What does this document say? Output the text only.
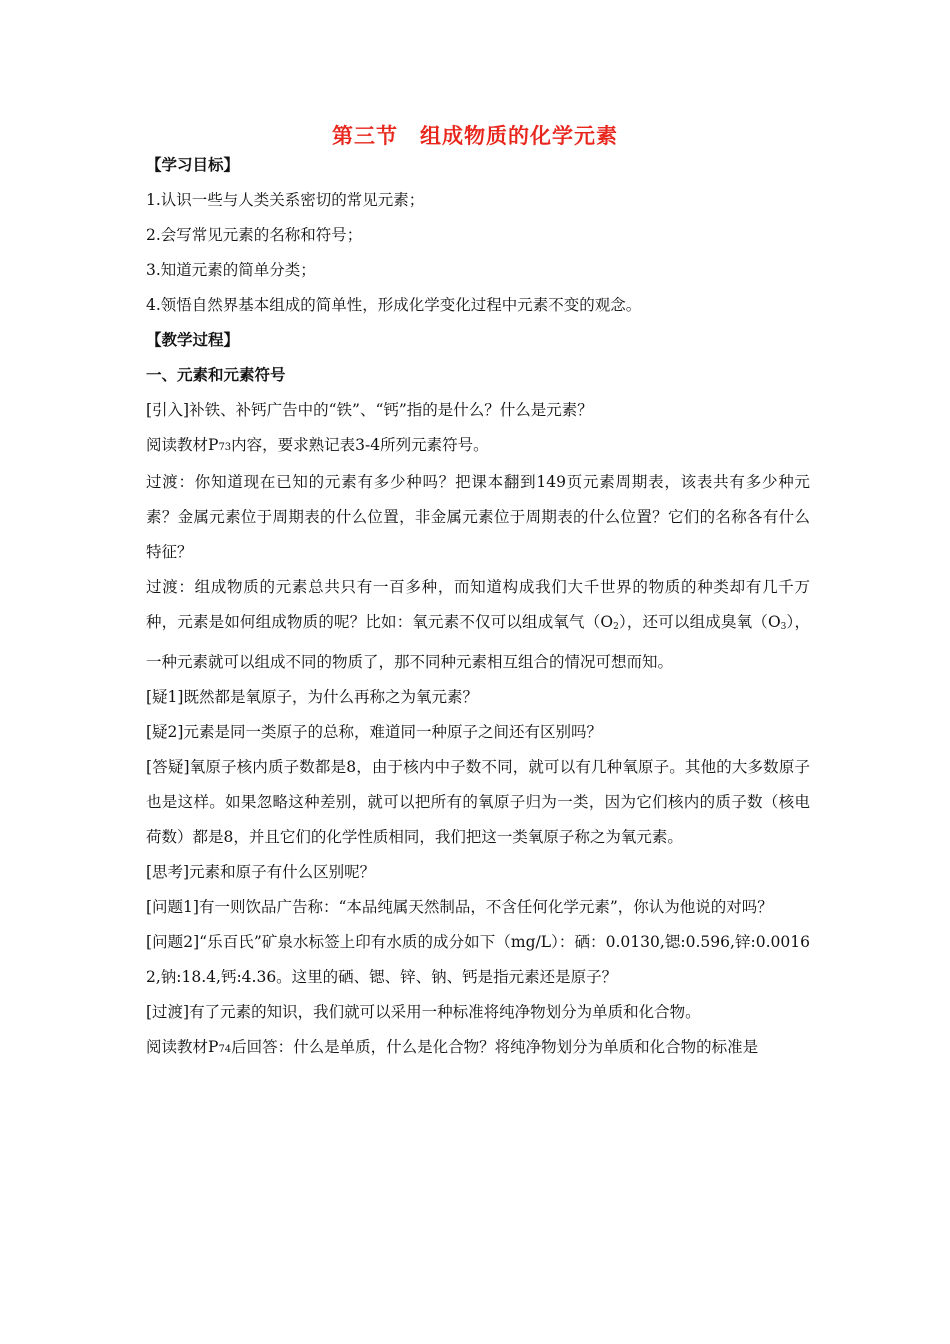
第三节　组成物质的化学元素

【学习目标】

1.认识一些与人类关系密切的常见元素；

2.会写常见元素的名称和符号；

3.知道元素的简单分类；

4.领悟自然界基本组成的简单性，形成化学变化过程中元素不变的观念。

【教学过程】

一、元素和元素符号

[引入]补铁、补钙广告中的“铁”、“钙”指的是什么？什么是元素？

阅读教材P73内容，要求熟记表3-4所列元素符号。

过渡：你知道现在已知的元素有多少种吗？把课本翻到149页元素周期表，该表共有多少种元素？金属元素位于周期表的什么位置，非金属元素位于周期表的什么位置？它们的名称各有什么特征？

过渡：组成物质的元素总共只有一百多种，而知道构成我们大千世界的物质的种类却有几千万种，元素是如何组成物质的呢？比如：氧元素不仅可以组成氧气（O2），还可以组成臭氧（O3），一种元素就可以组成不同的物质了，那不同种元素相互组合的情况可想而知。

[疑1]既然都是氧原子，为什么再称之为氧元素？

[疑2]元素是同一类原子的总称，难道同一种原子之间还有区别吗？

[答疑]氧原子核内质子数都是8，由于核内中子数不同，就可以有几种氧原子。其他的大多数原子也是这样。如果忽略这种差别，就可以把所有的氧原子归为一类，因为它们核内的质子数（核电荷数）都是8，并且它们的化学性质相同，我们把这一类氧原子称之为氧元素。

[思考]元素和原子有什么区别呢？

[问题1]有一则饮品广告称：“本品纯属天然制品，不含任何化学元素”，你认为他说的对吗？

[问题2]“乐百氏”矿泉水标签上印有水质的成分如下（mg/L）：硒：0.0130,锶:0.596,锌:0.00162,钠:18.4,钙:4.36。这里的硒、锶、锌、钠、钙是指元素还是原子？

[过渡]有了元素的知识，我们就可以采用一种标准将纯净物划分为单质和化合物。

阅读教材P74后回答：什么是单质，什么是化合物？将纯净物划分为单质和化合物的标准是
